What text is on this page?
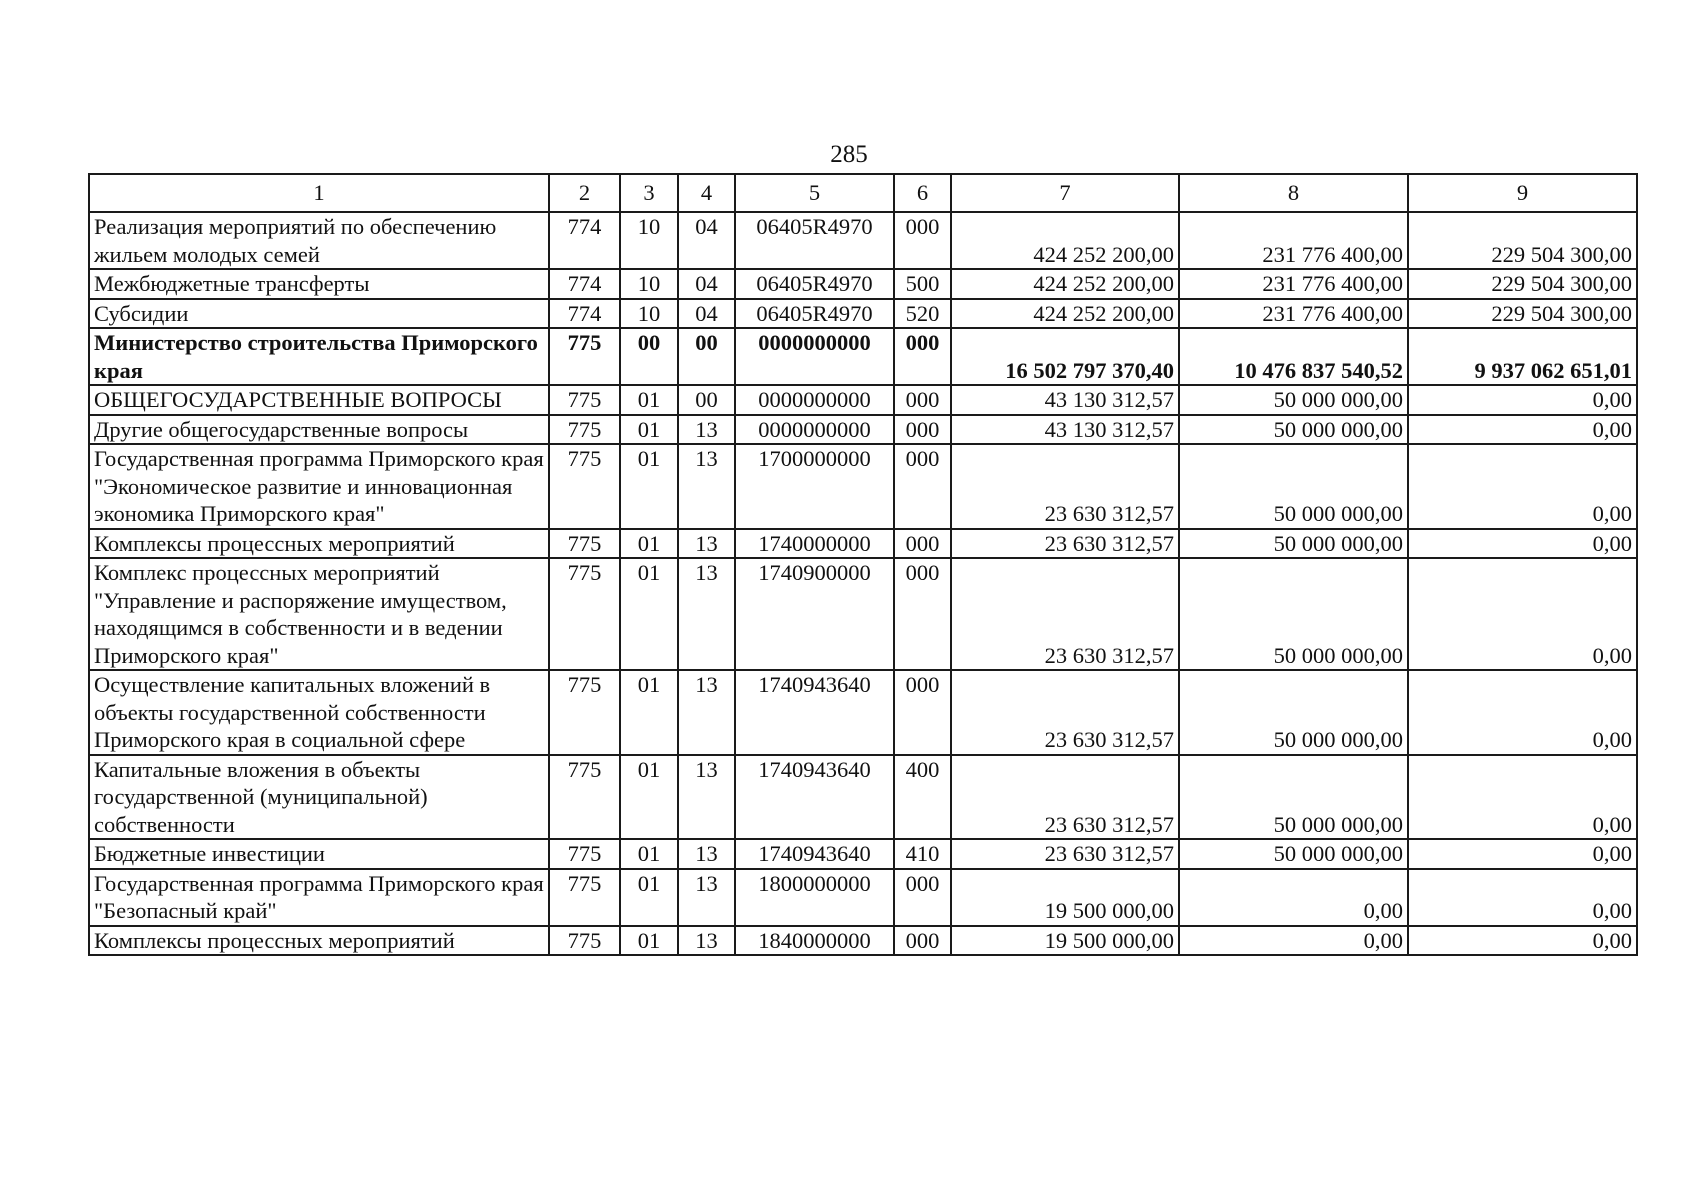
285
1	2	3	4	5	6	7	8	9
Реализация мероприятий по обеспечению жильем молодых семей	774	10	04	06405R4970	000	424 252 200,00	231 776 400,00	229 504 300,00
Межбюджетные трансферты	774	10	04	06405R4970	500	424 252 200,00	231 776 400,00	229 504 300,00
Субсидии	774	10	04	06405R4970	520	424 252 200,00	231 776 400,00	229 504 300,00
Министерство строительства Приморского края	775	00	00	0000000000	000	16 502 797 370,40	10 476 837 540,52	9 937 062 651,01
ОБЩЕГОСУДАРСТВЕННЫЕ ВОПРОСЫ	775	01	00	0000000000	000	43 130 312,57	50 000 000,00	0,00
Другие общегосударственные вопросы	775	01	13	0000000000	000	43 130 312,57	50 000 000,00	0,00
Государственная программа Приморского края "Экономическое развитие и инновационная экономика Приморского края"	775	01	13	1700000000	000	23 630 312,57	50 000 000,00	0,00
Комплексы процессных мероприятий	775	01	13	1740000000	000	23 630 312,57	50 000 000,00	0,00
Комплекс процессных мероприятий "Управление и распоряжение имуществом, находящимся в собственности и в ведении Приморского края"	775	01	13	1740900000	000	23 630 312,57	50 000 000,00	0,00
Осуществление капитальных вложений в объекты государственной собственности Приморского края в социальной сфере	775	01	13	1740943640	000	23 630 312,57	50 000 000,00	0,00
Капитальные вложения в объекты государственной (муниципальной) собственности	775	01	13	1740943640	400	23 630 312,57	50 000 000,00	0,00
Бюджетные инвестиции	775	01	13	1740943640	410	23 630 312,57	50 000 000,00	0,00
Государственная программа Приморского края "Безопасный край"	775	01	13	1800000000	000	19 500 000,00	0,00	0,00
Комплексы процессных мероприятий	775	01	13	1840000000	000	19 500 000,00	0,00	0,00
